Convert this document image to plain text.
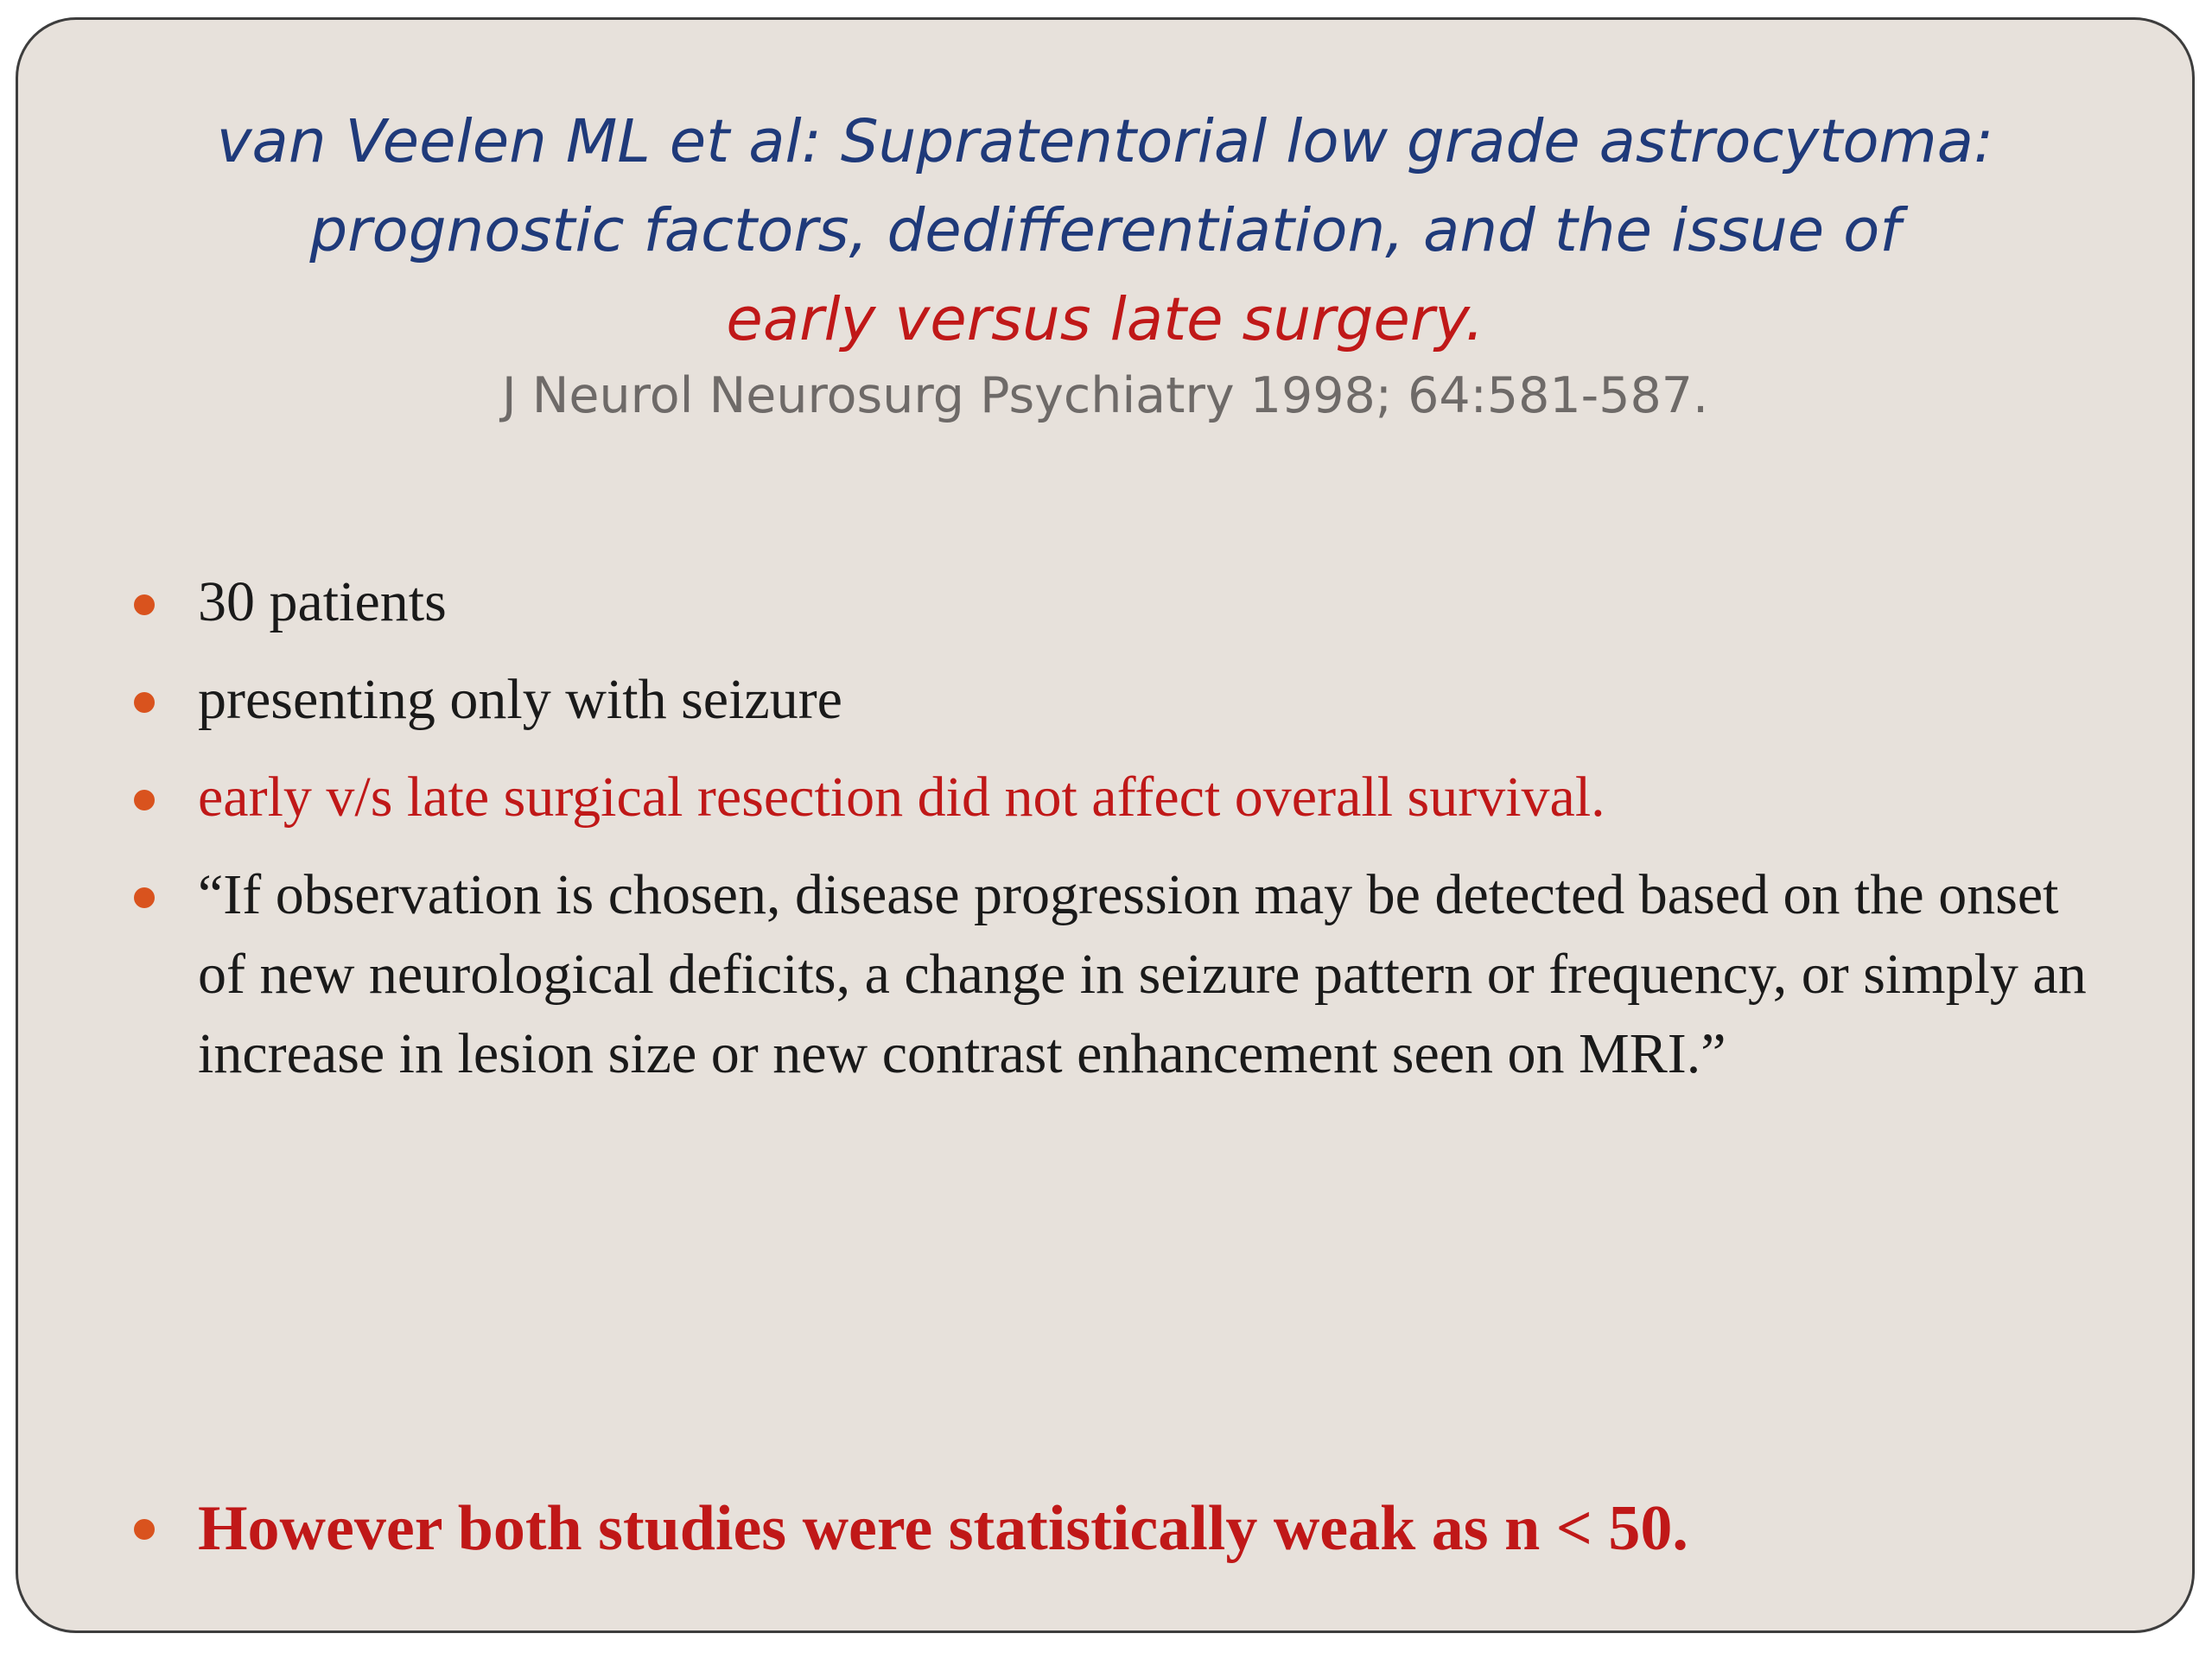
van Veelen ML et al: Supratentorial low grade astrocytoma:
prognostic factors, dedifferentiation, and the issue of
early versus late surgery.
J Neurol Neurosurg Psychiatry 1998; 64:581-587.
30 patients
presenting only with seizure
early v/s late surgical resection did not affect overall survival.
“If observation is chosen, disease progression may be detected based on the onset of new neurological deficits, a change in seizure pattern or frequency, or simply an increase in lesion size or new contrast enhancement seen on MRI.”
However both studies were statistically weak as n < 50.
